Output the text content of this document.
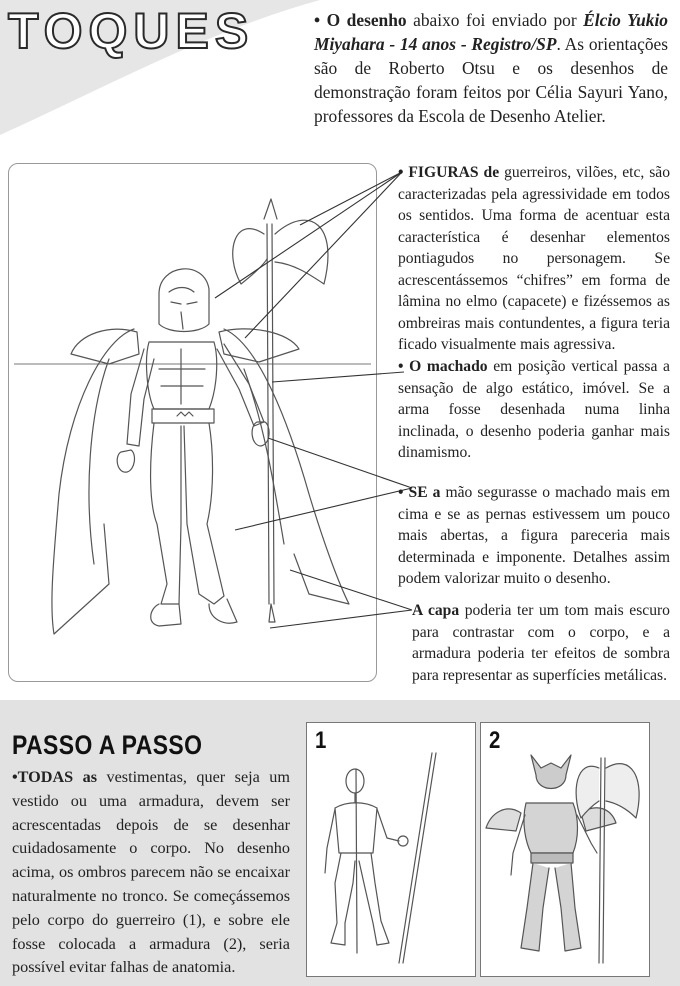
TOQUES	• O desenho abaixo foi enviado por Élcio Yukio Miyahara - 14 anos - Registro/SP. As orientações são de Roberto Otsu e os desenhos de demonstração foram feitos por Célia Sayuri Yano, professores da Escola de Desenho Atelier.
• FIGURAS de guerreiros, vilões, etc, são caracterizadas pela agressividade em todos os sentidos. Uma forma de acentuar esta característica é desenhar elementos pontiagudos no personagem. Se acrescentássemos “chifres” em forma de lâmina no elmo (capacete) e fizéssemos as ombreiras mais contundentes, a figura teria ficado visualmente mais agressiva.
• O machado em posição vertical passa a sensação de algo estático, imóvel. Se a arma fosse desenhada numa linha inclinada, o desenho poderia ganhar mais dinamismo.
• SE a mão segurasse o machado mais em cima e se as pernas estivessem um pouco mais abertas, a figura pareceria mais determinada e imponente. Detalhes assim podem valorizar muito o desenho.
A capa poderia ter um tom mais escuro para contrastar com o corpo, e a armadura poderia ter efeitos de sombra para representar as superfícies metálicas.
PASSO A PASSO
•TODAS as vestimentas, quer seja um vestido ou uma armadura, devem ser acrescentadas depois de se desenhar cuidadosamente o corpo. No desenho acima, os ombros parecem não se encaixar naturalmente no tronco. Se começássemos pelo corpo do guerreiro (1), e sobre ele fosse colocada a armadura (2), seria possível evitar falhas de anatomia.
1	2
